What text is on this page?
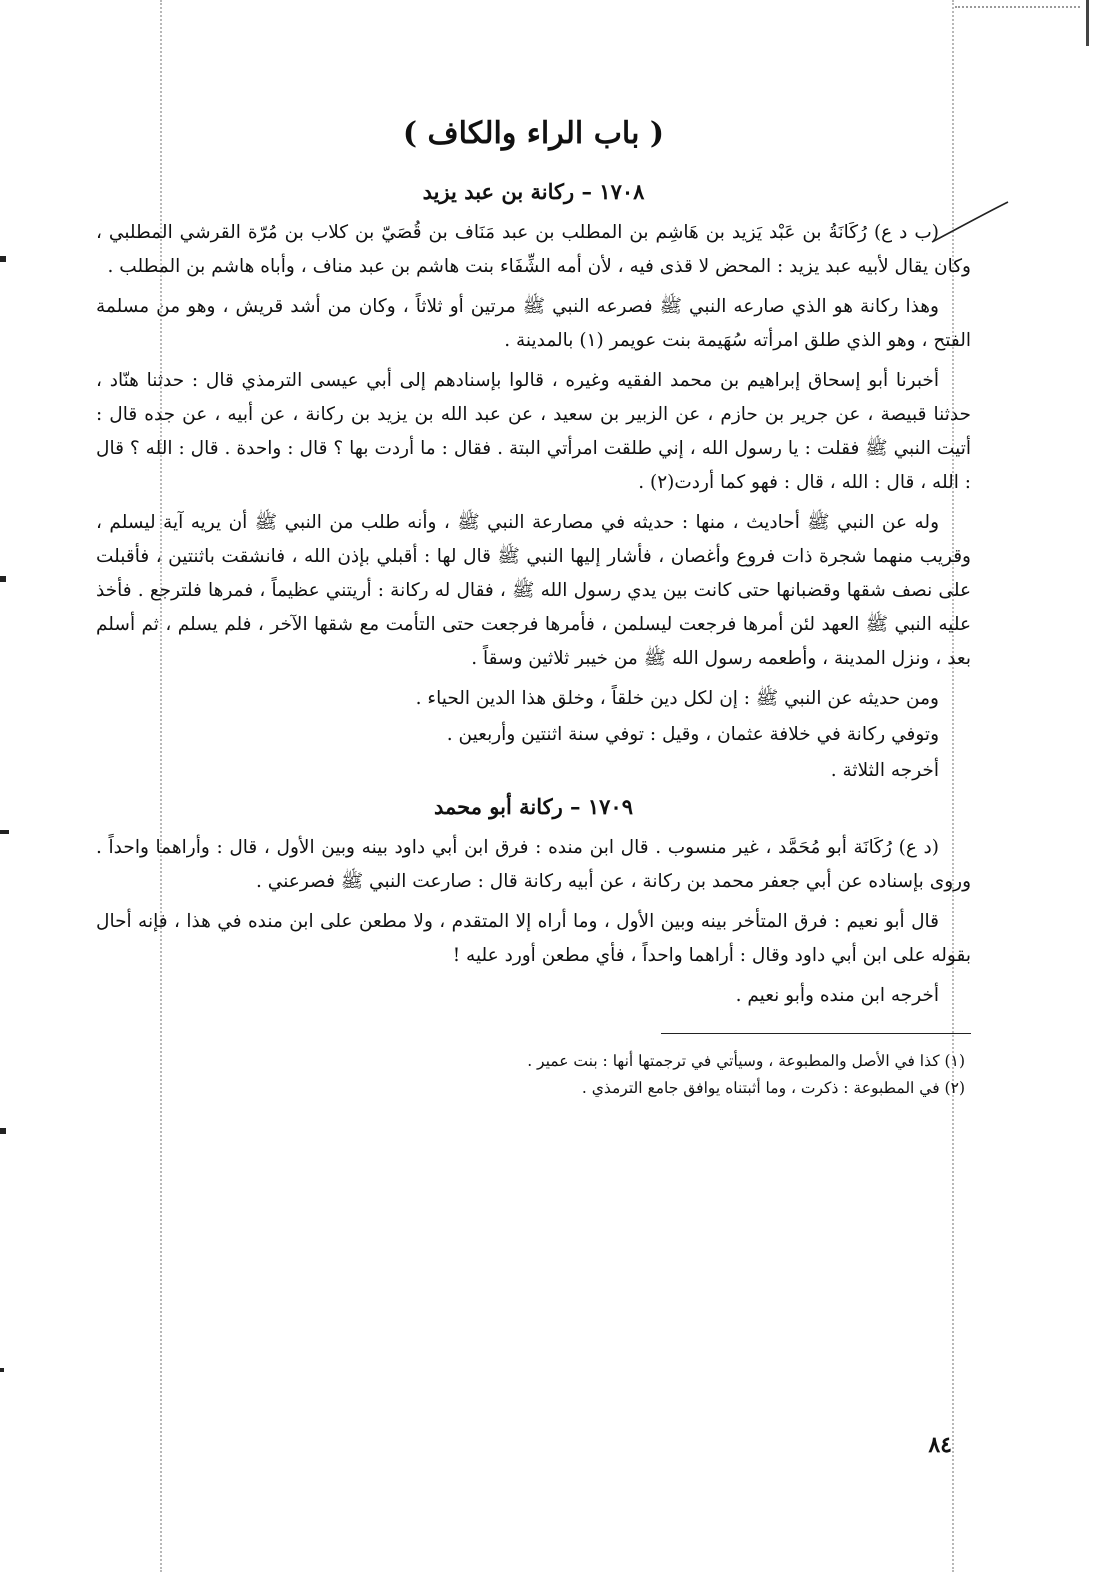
( باب الراء والكاف )
١٧٠٨ – ركانة بن عبد يزيد

(ب د ع) رُكَانَةُ بن عَبْد يَزيد بن هَاشِم بن المطلب بن عبد مَنَاف بن قُصَيّ بن كلاب بن مُرّة القرشي المطلبي ، وكان يقال لأبيه عبد يزيد : المحض لا قذى فيه ، لأن أمه الشِّفَاء بنت هاشم بن عبد مناف ، وأباه هاشم بن المطلب .

وهذا ركانة هو الذي صارعه النبي ﷺ فصرعه النبي ﷺ مرتين أو ثلاثاً ، وكان من أشد قريش ، وهو من مسلمة الفتح ، وهو الذي طلق امرأته سُهَيمة بنت عويمر (١) بالمدينة .

أخبرنا أبو إسحاق إبراهيم بن محمد الفقيه وغيره ، قالوا بإسنادهم إلى أبي عيسى الترمذي قال : حدثنا هنّاد ، حدثنا قبيصة ، عن جرير بن حازم ، عن الزبير بن سعيد ، عن عبد الله بن يزيد بن ركانة ، عن أبيه ، عن جده قال : أتيت النبي ﷺ فقلت : يا رسول الله ، إني طلقت امرأتي البتة . فقال : ما أردت بها ؟ قال : واحدة . قال : الله ؟ قال : الله ، قال : الله ، قال : فهو كما أردت(٢) .

وله عن النبي ﷺ أحاديث ، منها : حديثه في مصارعة النبي ﷺ ، وأنه طلب من النبي ﷺ أن يريه آية ليسلم ، وقريب منهما شجرة ذات فروع وأغصان ، فأشار إليها النبي ﷺ قال لها : أقبلي بإذن الله ، فانشقت باثنتين ، فأقبلت على نصف شقها وقضبانها حتى كانت بين يدي رسول الله ﷺ ، فقال له ركانة : أريتني عظيماً ، فمرها فلترجع . فأخذ عليه النبي ﷺ العهد لئن أمرها فرجعت ليسلمن ، فأمرها فرجعت حتى التأمت مع شقها الآخر ، فلم يسلم ، ثم أسلم بعد ، ونزل المدينة ، وأطعمه رسول الله ﷺ من خيبر ثلاثين وسقاً .

ومن حديثه عن النبي ﷺ : إن لكل دين خلقاً ، وخلق هذا الدين الحياء .

وتوفي ركانة في خلافة عثمان ، وقيل : توفي سنة اثنتين وأربعين .

أخرجه الثلاثة .

١٧٠٩ – ركانة أبو محمد

(د ع) رُكَانَة أبو مُحَمَّد ، غير منسوب . قال ابن منده : فرق ابن أبي داود بينه وبين الأول ، قال : وأراهما واحداً . وروى بإسناده عن أبي جعفر محمد بن ركانة ، عن أبيه ركانة قال : صارعت النبي ﷺ فصرعني .

قال أبو نعيم : فرق المتأخر بينه وبين الأول ، وما أراه إلا المتقدم ، ولا مطعن على ابن منده في هذا ، فإنه أحال بقوله على ابن أبي داود وقال : أراهما واحداً ، فأي مطعن أورد عليه !

أخرجه ابن منده وأبو نعيم .

(١) كذا في الأصل والمطبوعة ، وسيأتي في ترجمتها أنها : بنت عمير .
(٢) في المطبوعة : ذكرت ، وما أثبتناه يوافق جامع الترمذي .
٨٤
